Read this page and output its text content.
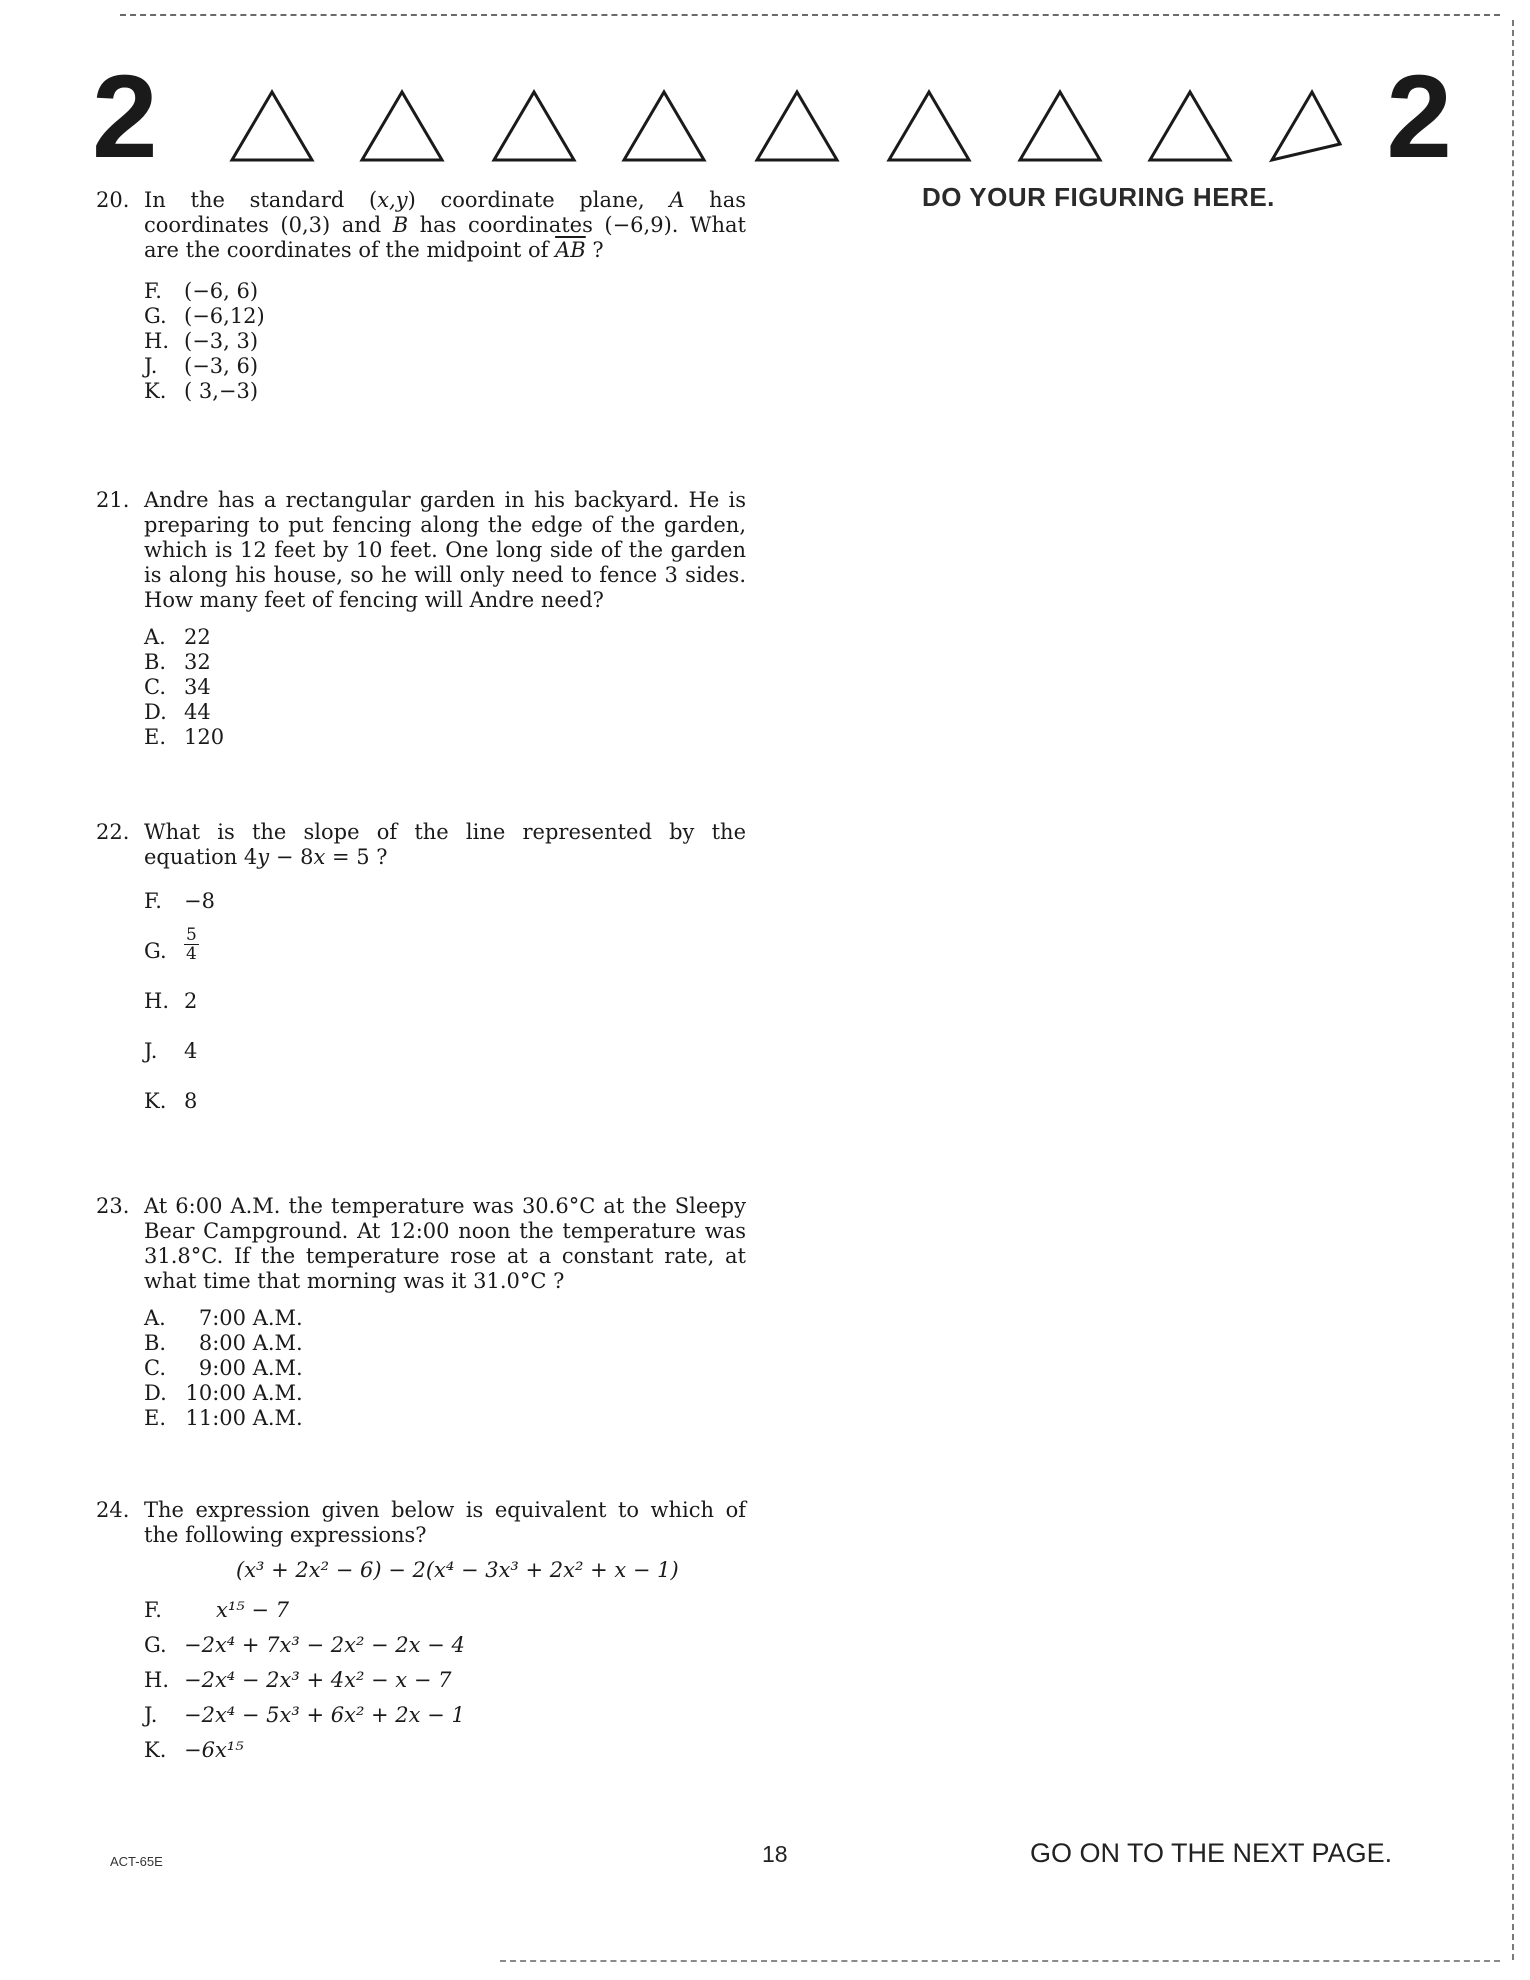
2	2
DO YOUR FIGURING HERE.
20. In the standard (x,y) coordinate plane, A has coordinates (0,3) and B has coordinates (−6,9). What are the coordinates of the midpoint of $\overline{AB}$ ?
F.	(−6, 6)
G. (−6,12)
H. (−3, 3)
J.	(−3, 6)
K. ( 3,−3)
21. Andre has a rectangular garden in his backyard. He is preparing to put fencing along the edge of the garden, which is 12 feet by 10 feet. One long side of the garden is along his house, so he will only need to fence 3 sides. How many feet of fencing will Andre need?
A. 22
B. 32
C. 34
D. 44
E. 120
22. What is the slope of the line represented by the equation 4y − 8x = 5 ?
F.	−8
G.	$\frac{5}{4}$
H. 2
J.	4
K. 8
23. At 6:00 A.M. the temperature was 30.6°C at the Sleepy Bear Campground. At 12:00 noon the temperature was 31.8°C. If the temperature rose at a constant rate, at what time that morning was it 31.0°C ?
A.	7:00
A.M.
B.	8:00
A.M.
C.	9:00
A.M.
D. 10:00
A.M.
E. 11:00
A.M.
24. The expression given below is equivalent to which of the following expressions?
(x³ + 2x² − 6) − 2(x⁴ − 3x³ + 2x² + x − 1)
F.	x¹⁵ − 7
G. −2x⁴ + 7x³ − 2x² − 2x − 4
H. −2x⁴ − 2x³ + 4x² − x − 7
J.	−2x⁴ − 5x³ + 6x² + 2x − 1
K. −6x¹⁵
ACT-65E	18	GO ON TO THE NEXT PAGE.
